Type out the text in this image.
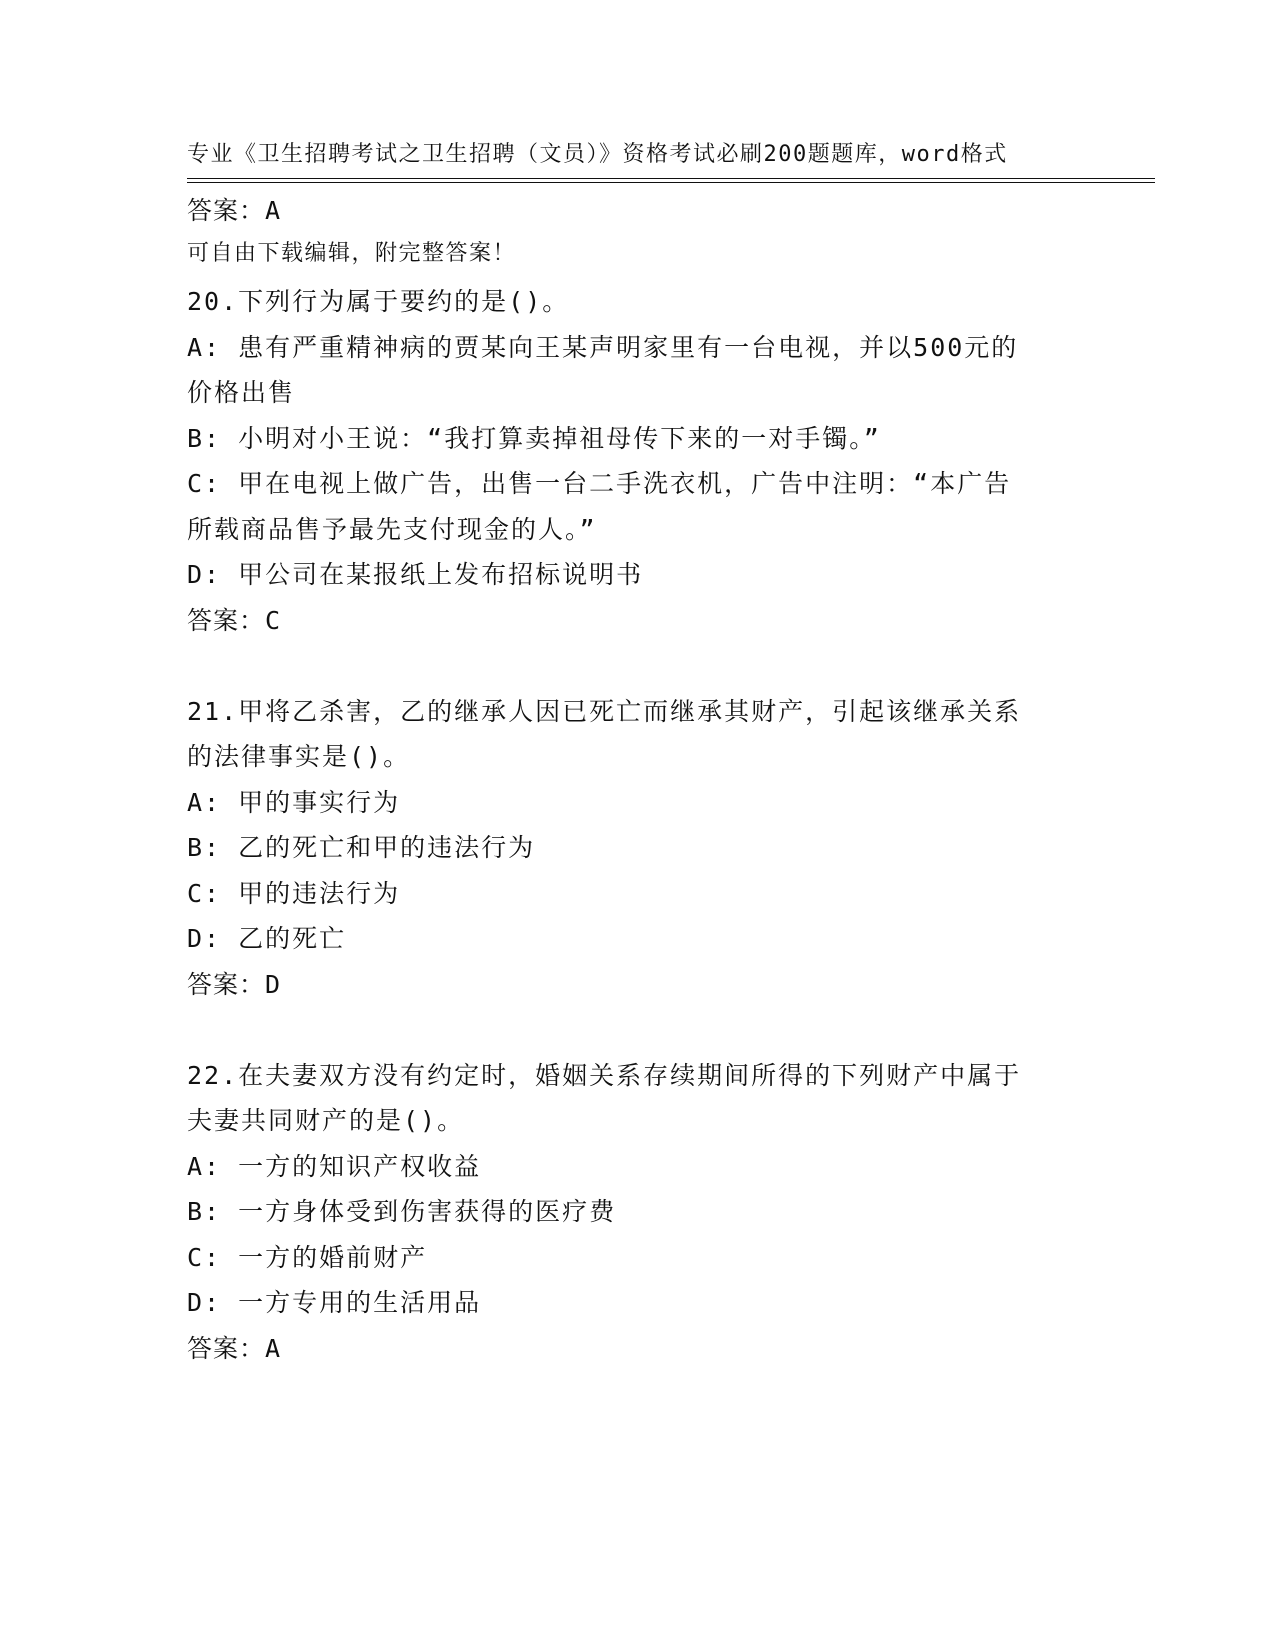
专业《卫生招聘考试之卫生招聘（文员）》资格考试必刷200题题库，word格式

可自由下载编辑，附完整答案！

答案：A
20.下列行为属于要约的是()。
A: 患有严重精神病的贾某向王某声明家里有一台电视，并以500元的
价格出售
B: 小明对小王说：“我打算卖掉祖母传下来的一对手镯。”
C: 甲在电视上做广告，出售一台二手洗衣机，广告中注明：“本广告
所载商品售予最先支付现金的人。”
D: 甲公司在某报纸上发布招标说明书
答案：C
21.甲将乙杀害，乙的继承人因已死亡而继承其财产，引起该继承关系
的法律事实是()。
A: 甲的事实行为
B: 乙的死亡和甲的违法行为
C: 甲的违法行为
D: 乙的死亡
答案：D
22.在夫妻双方没有约定时，婚姻关系存续期间所得的下列财产中属于
夫妻共同财产的是()。
A: 一方的知识产权收益
B: 一方身体受到伤害获得的医疗费
C: 一方的婚前财产
D: 一方专用的生活用品
答案：A
